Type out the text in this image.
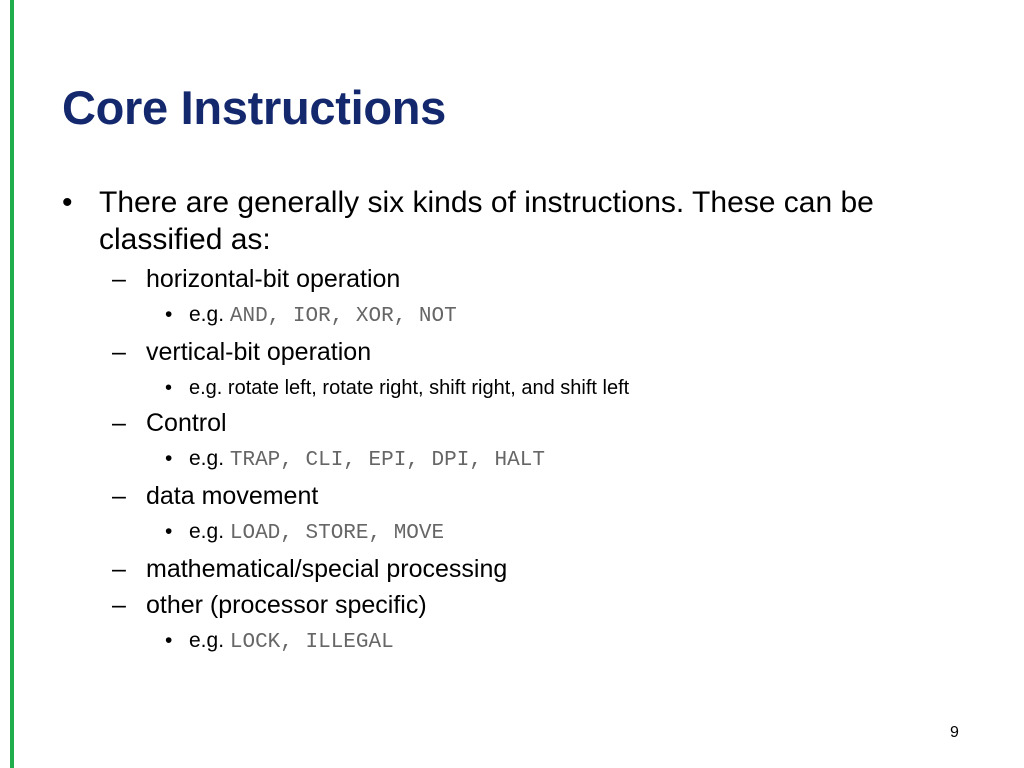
Core Instructions
• There are generally six kinds of instructions. These can be classified as:
– horizontal-bit operation
• e.g. AND, IOR, XOR, NOT
– vertical-bit operation
• e.g. rotate left, rotate right, shift right, and shift left
– Control
• e.g. TRAP, CLI, EPI, DPI, HALT
– data movement
• e.g. LOAD, STORE, MOVE
– mathematical/special processing
– other (processor specific)
• e.g. LOCK, ILLEGAL
9
